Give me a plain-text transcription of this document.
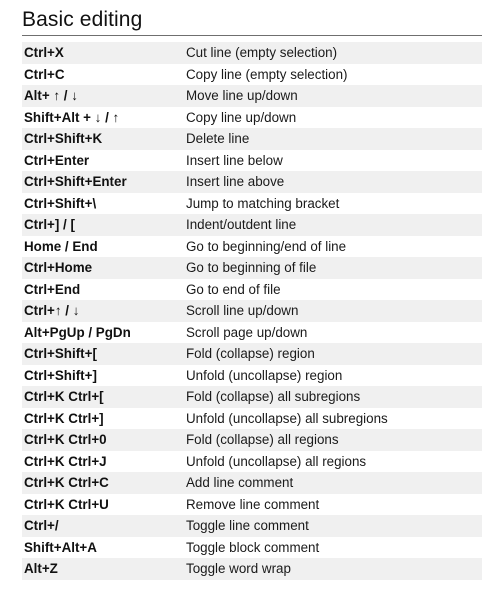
Basic editing
Ctrl+X	Cut line (empty selection)
Ctrl+C	Copy line (empty selection)
Alt+ ↑ / ↓	Move line up/down
Shift+Alt + ↓ / ↑	Copy line up/down
Ctrl+Shift+K	Delete line
Ctrl+Enter	Insert line below
Ctrl+Shift+Enter	Insert line above
Ctrl+Shift+\	Jump to matching bracket
Ctrl+] / [	Indent/outdent line
Home / End	Go to beginning/end of line
Ctrl+Home	Go to beginning of file
Ctrl+End	Go to end of file
Ctrl+↑ / ↓	Scroll line up/down
Alt+PgUp / PgDn	Scroll page up/down
Ctrl+Shift+[	Fold (collapse) region
Ctrl+Shift+]	Unfold (uncollapse) region
Ctrl+K Ctrl+[	Fold (collapse) all subregions
Ctrl+K Ctrl+]	Unfold (uncollapse) all subregions
Ctrl+K Ctrl+0	Fold (collapse) all regions
Ctrl+K Ctrl+J	Unfold (uncollapse) all regions
Ctrl+K Ctrl+C	Add line comment
Ctrl+K Ctrl+U	Remove line comment
Ctrl+/	Toggle line comment
Shift+Alt+A	Toggle block comment
Alt+Z	Toggle word wrap
